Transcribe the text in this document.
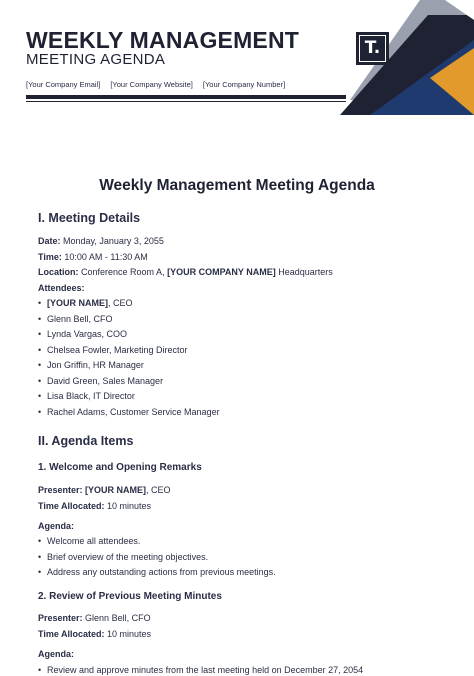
WEEKLY MANAGEMENT
MEETING AGENDA
[Your Company Email] [Your Company Website] [Your Company Number]
T.
Weekly Management Meeting Agenda
I. Meeting Details

Date: Monday, January 3, 2055

Time: 10:00 AM - 11:30 AM

Location: Conference Room A, [YOUR COMPANY NAME] Headquarters

Attendees:

• [YOUR NAME], CEO
• Glenn Bell, CFO
• Lynda Vargas, COO
• Chelsea Fowler, Marketing Director
• Jon Griffin, HR Manager
• David Green, Sales Manager
• Lisa Black, IT Director
• Rachel Adams, Customer Service Manager
II. Agenda Items
1. Welcome and Opening Remarks

Presenter: [YOUR NAME], CEO

Time Allocated: 10 minutes

Agenda:

• Welcome all attendees.
• Brief overview of the meeting objectives.
• Address any outstanding actions from previous meetings.
2. Review of Previous Meeting Minutes

Presenter: Glenn Bell, CFO

Time Allocated: 10 minutes

Agenda:

• Review and approve minutes from the last meeting held on December 27, 2054
